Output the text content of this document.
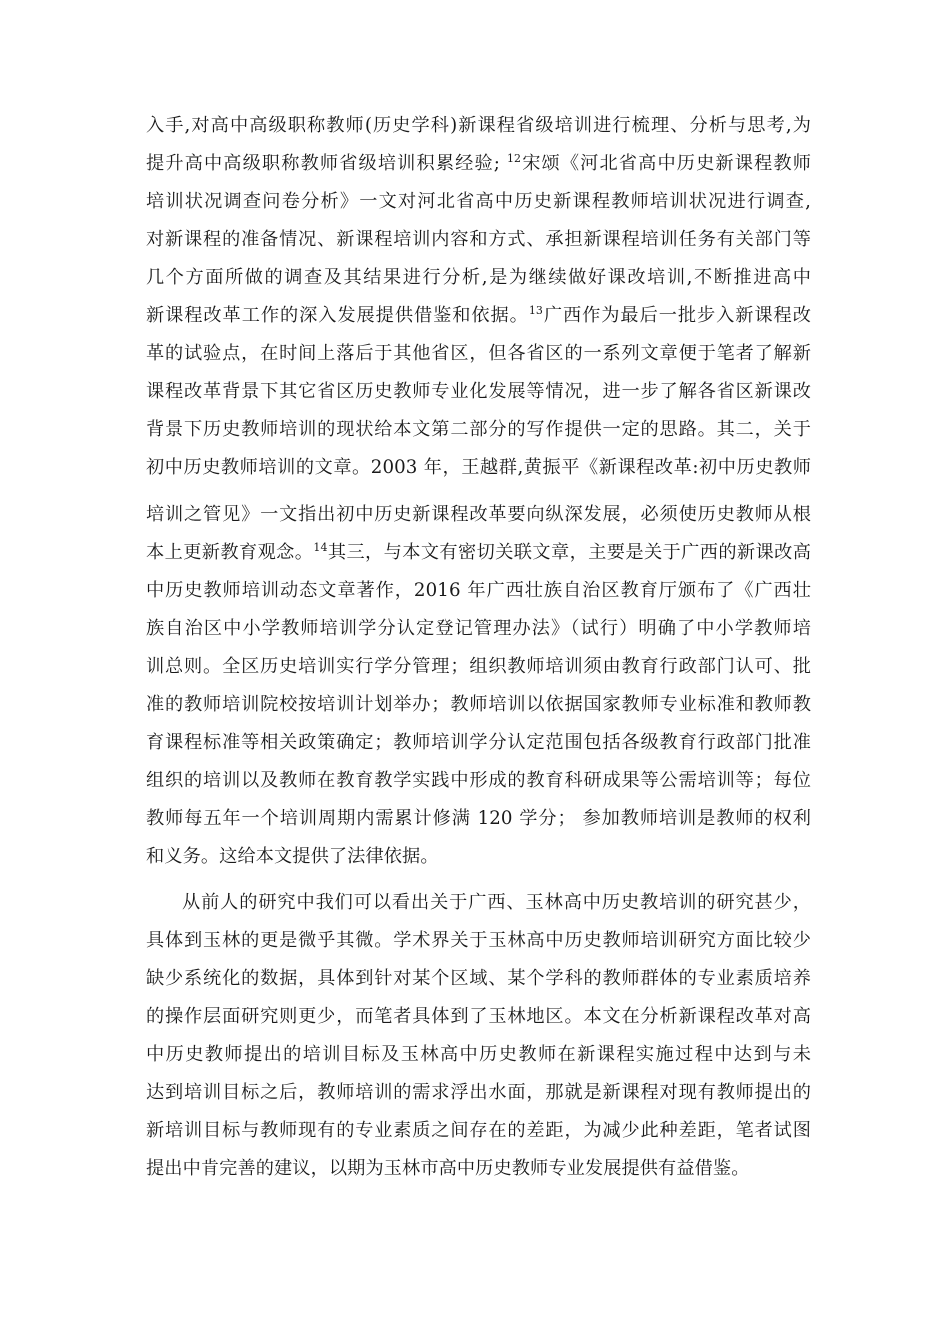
入手,对高中高级职称教师(历史学科)新课程省级培训进行梳理、分析与思考,为
提升高中高级职称教师省级培训积累经验; $^{12}$宋颂《河北省高中历史新课程教师
培训状况调查问卷分析》一文对河北省高中历史新课程教师培训状况进行调查,
对新课程的准备情况、新课程培训内容和方式、承担新课程培训任务有关部门等
几个方面所做的调查及其结果进行分析,是为继续做好课改培训,不断推进高中
新课程改革工作的深入发展提供借鉴和依据。$^{13}$广西作为最后一批步入新课程改
革的试验点，在时间上落后于其他省区，但各省区的一系列文章便于笔者了解新
课程改革背景下其它省区历史教师专业化发展等情况，进一步了解各省区新课改
背景下历史教师培训的现状给本文第二部分的写作提供一定的思路。其二，关于
初中历史教师培训的文章。2003 年，王越群,黄振平《新课程改革:初中历史教师
培训之管见》一文指出初中历史新课程改革要向纵深发展，必须使历史教师从根
本上更新教育观念。$^{14}$其三，与本文有密切关联文章，主要是关于广西的新课改高
中历史教师培训动态文章著作，2016 年广西壮族自治区教育厅颁布了《广西壮
族自治区中小学教师培训学分认定登记管理办法》（试行）明确了中小学教师培
训总则。全区历史培训实行学分管理；组织教师培训须由教育行政部门认可、批
准的教师培训院校按培训计划举办；教师培训以依据国家教师专业标准和教师教
育课程标准等相关政策确定；教师培训学分认定范围包括各级教育行政部门批准
组织的培训以及教师在教育教学实践中形成的教育科研成果等公需培训等；每位
教师每五年一个培训周期内需累计修满 120 学分； 参加教师培训是教师的权利
和义务。这给本文提供了法律依据。
从前人的研究中我们可以看出关于广西、玉林高中历史教培训的研究甚少，
具体到玉林的更是微乎其微。学术界关于玉林高中历史教师培训研究方面比较少
缺少系统化的数据，具体到针对某个区域、某个学科的教师群体的专业素质培养
的操作层面研究则更少，而笔者具体到了玉林地区。本文在分析新课程改革对高
中历史教师提出的培训目标及玉林高中历史教师在新课程实施过程中达到与未
达到培训目标之后，教师培训的需求浮出水面，那就是新课程对现有教师提出的
新培训目标与教师现有的专业素质之间存在的差距，为减少此种差距，笔者试图
提出中肯完善的建议，以期为玉林市高中历史教师专业发展提供有益借鉴。
